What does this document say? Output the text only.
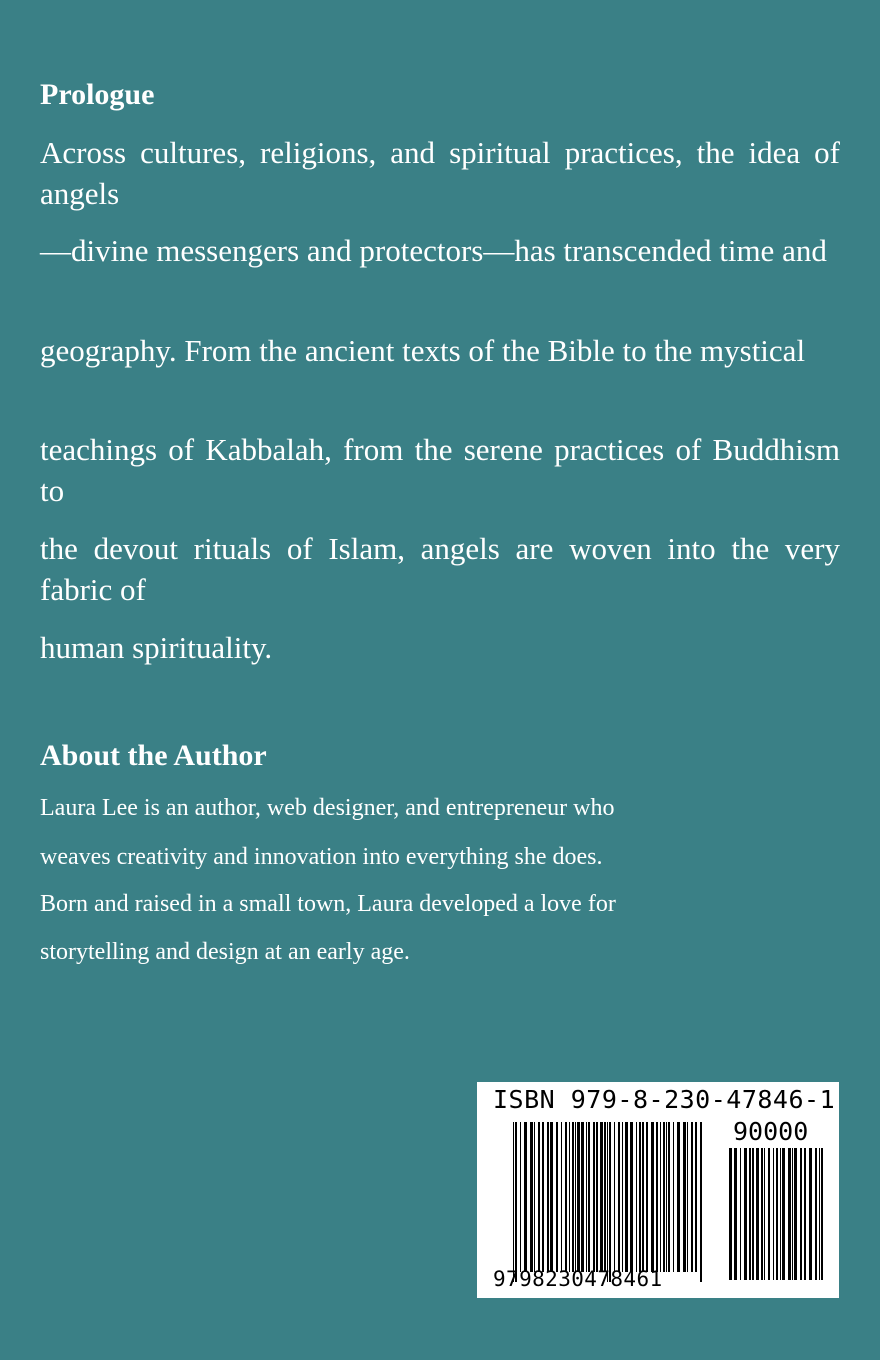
Prologue

Across cultures, religions, and spiritual practices, the idea of angels

—divine messengers and protectors—has transcended time and

geography. From the ancient texts of the Bible to the mystical

teachings of Kabbalah, from the serene practices of Buddhism to

the devout rituals of Islam, angels are woven into the very fabric of

human spirituality.

About the Author

Laura Lee is an author, web designer, and entrepreneur who

weaves creativity and innovation into everything she does.

Born and raised in a small town, Laura developed a love for

storytelling and design at an early age.

ISBN 979-8-230-47846-1
90000
9798230478461
